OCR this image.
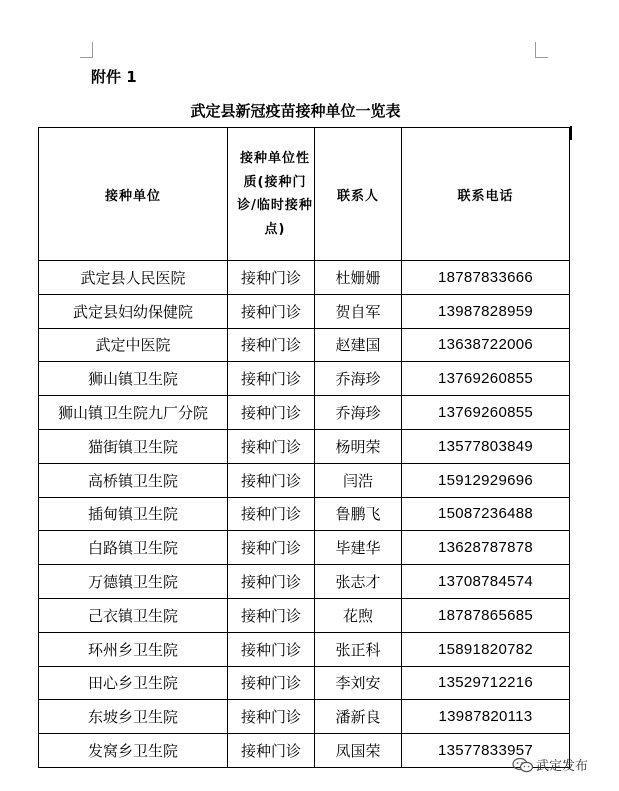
附件 1
武定县新冠疫苗接种单位一览表
接种单位	接种单位性质(接种门诊/临时接种点)	联系人	联系电话
武定县人民医院	接种门诊	杜姗姗	18787833666
武定县妇幼保健院	接种门诊	贺自军	13987828959
武定中医院	接种门诊	赵建国	13638722006
狮山镇卫生院	接种门诊	乔海珍	13769260855
狮山镇卫生院九厂分院	接种门诊	乔海珍	13769260855
猫街镇卫生院	接种门诊	杨明荣	13577803849
高桥镇卫生院	接种门诊	闫浩	15912929696
插甸镇卫生院	接种门诊	鲁鹏飞	15087236488
白路镇卫生院	接种门诊	毕建华	13628787878
万德镇卫生院	接种门诊	张志才	13708784574
己衣镇卫生院	接种门诊	花煦	18787865685
环州乡卫生院	接种门诊	张正科	15891820782
田心乡卫生院	接种门诊	李刘安	13529712216
东坡乡卫生院	接种门诊	潘新良	13987820113
发窝乡卫生院	接种门诊	凤国荣	13577833957
武定发布
